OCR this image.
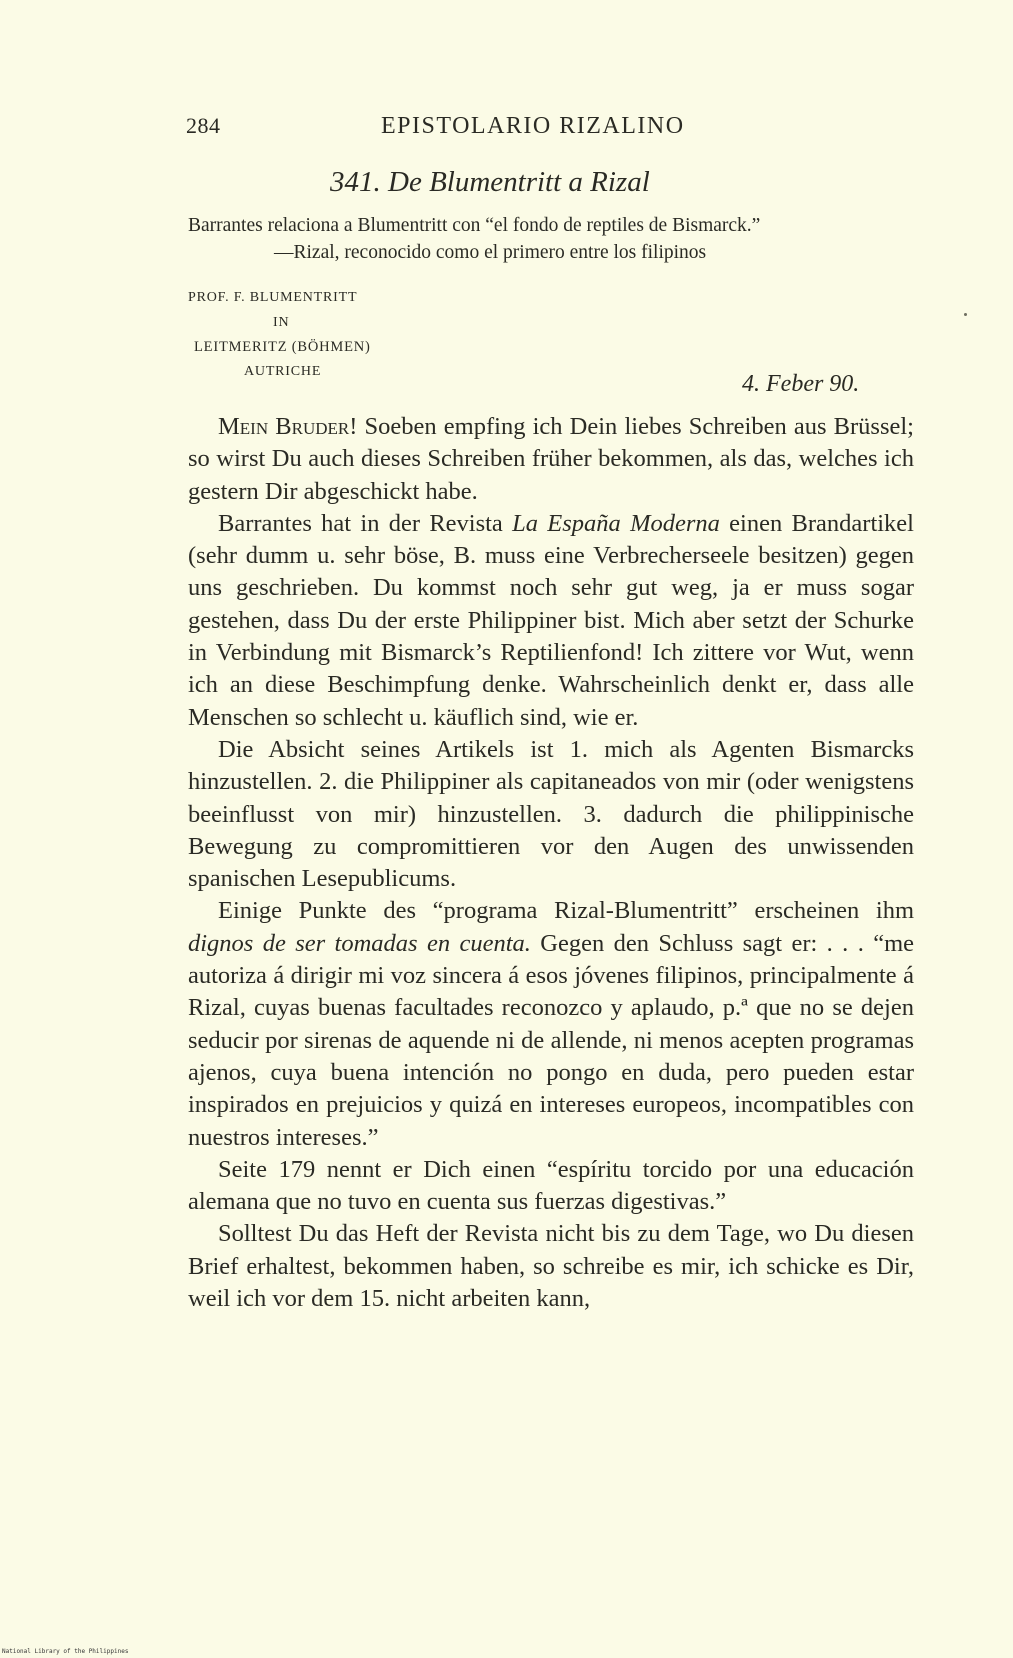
284	EPISTOLARIO RIZALINO
341. De Blumentritt a Rizal
Barrantes relaciona a Blumentritt con “el fondo de reptiles de Bismarck.”
—Rizal, reconocido como el primero entre los filipinos
PROF. F. BLUMENTRITT
IN
LEITMERITZ (BÖHMEN)
AUTRICHE	4. Feber 90.

Mein Bruder! Soeben empfing ich Dein liebes Schreiben aus Brüssel; so wirst Du auch dieses Schreiben früher bekommen, als das, welches ich gestern Dir abgeschickt habe.

Barrantes hat in der Revista La España Moderna einen Brandartikel (sehr dumm u. sehr böse, B. muss eine Verbrecherseele besitzen) gegen uns geschrieben. Du kommst noch sehr gut weg, ja er muss sogar gestehen, dass Du der erste Philippiner bist. Mich aber setzt der Schurke in Verbindung mit Bismarck’s Reptilienfond! Ich zittere vor Wut, wenn ich an diese Beschimpfung denke. Wahrscheinlich denkt er, dass alle Menschen so schlecht u. käuflich sind, wie er.

Die Absicht seines Artikels ist 1. mich als Agenten Bismarcks hinzustellen. 2. die Philippiner als capitaneados von mir (oder wenigstens beeinflusst von mir) hinzustellen. 3. dadurch die philippinische Bewegung zu compromittieren vor den Augen des unwissenden spanischen Lesepublicums.

Einige Punkte des “programa Rizal-Blumentritt” erscheinen ihm dignos de ser tomadas en cuenta. Gegen den Schluss sagt er: . . . “me autoriza á dirigir mi voz sincera á esos jóvenes filipinos, principalmente á Rizal, cuyas buenas facultades reconozco y aplaudo, p.ª que no se dejen seducir por sirenas de aquende ni de allende, ni menos acepten programas ajenos, cuya buena intención no pongo en duda, pero pueden estar inspirados en prejuicios y quizá en intereses europeos, incompatibles con nuestros intereses.”

Seite 179 nennt er Dich einen “espíritu torcido por una educación alemana que no tuvo en cuenta sus fuerzas digestivas.”

Solltest Du das Heft der Revista nicht bis zu dem Tage, wo Du diesen Brief erhaltest, bekommen haben, so schreibe es mir, ich schicke es Dir, weil ich vor dem 15. nicht arbeiten kann,

National Library of the Philippines
